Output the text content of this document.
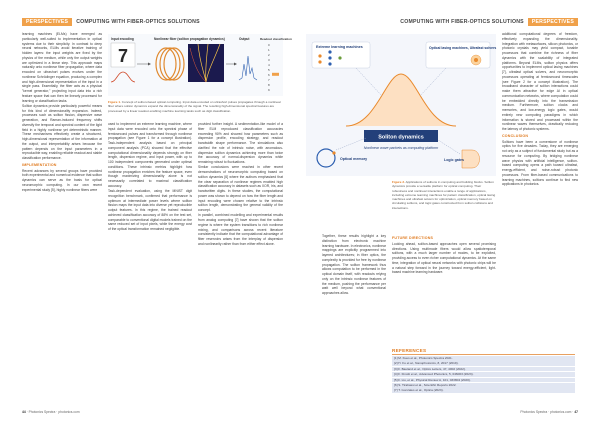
PERSPECTIVES	COMPUTING WITH FIBER-OPTICS SOLUTIONS

learning machines (ELMs) have emerged as particularly well-suited to implementation in optical systems due to their simplicity. In contrast to deep neural networks, ELMs avoid iterative training of hidden layers: the input weights are fixed by the physics of the medium, while only the output weights are optimized in a linear step. This approach maps naturally onto nonlinear fiber propagation, where data encoded on ultrashort pulses evolves under the nonlinear Schrödinger equation, producing a complex and high-dimensional representation of the input in a single pass. Essentially, the fiber acts as a physical "kernel generator," projecting input data into a rich feature space that can then be linearly processed for learning or classification tasks.

Soliton dynamics provide particularly powerful means for this kind of dimensionality expansion. Indeed, processes such as soliton fission, dispersive wave generation, and Raman-induced frequency shifts diversify the temporal and spectral content of the light field in a highly nonlinear yet deterministic manner. These mechanisms effectively create a structured, high-dimensional representation of the information at the output, and interpretability arises because the pattern depends on the input parameters in a reproducible way, enabling reliable readout and stable classification performance.

IMPLEMENTATION

Recent advances by several groups have provided both experimental and numerical evidence that soliton dynamics can serve as the basis for optical neuromorphic computing. In our own recent experimental study [5], highly nonlinear fibers were

Input encoding
7
Nonlinear fiber (soliton propagation dynamics)	Output	Readout classification
0
1
2
3
4
5
6
7
8
9
Figure 1. Concept of soliton-based optical computing. Input data encoded on ultrashort pulses propagates through a nonlinear fiber where soliton dynamics expand the dimensionality of the signal. The resulting high-dimensional spectral features are processed by a linear readout enabling machine learning tasks such as digit classification.

used to implement an extreme learning machine, where input data were encoded onto the spectral phase of femtosecond pulses and transformed through nonlinear propagation (see Figure 1 for a concept illustration). Task-independent analysis based on principal component analysis (PCA) showed that the effective computational dimensionality depends strongly on fiber length, dispersion regime, and input power, with up to 100 independent components generated under optimal conditions. These intrinsic metrics highlight how nonlinear propagation enriches the feature space, even though maximizing dimensionality alone is not necessarily correlated to maximal classification accuracy.

Task-dependent evaluation, using the MNIST digit recognition benchmark, confirmed that performance is optimum at intermediate power levels where soliton fission maps the input data into diverse yet reproducible output features. In this regime, the trained readout achieved classification accuracy of 88% on the test set, comparable to conventional digital models trained on the same reduced set of input pixels, while the energy cost of the optical transformation remained negligible.

provided further insight. A sedimentation-like model of a fiber ELM reproduced classification accuracies exceeding 90% and showed how parameters such as dispersion profile, encoding strategy, and readout bandwidth shape performance. The simulations also clarified the role of intrinsic noise, with anomalous-dispersion soliton dynamics achieving more than twice the accuracy of normal-dispersion dynamics while remaining robust to fluctuations.

Similar conclusions were reached in other recent demonstrations of neuromorphic computing based on soliton dynamics [6] where the authors emphasized that the clear separation of nonlinear regimes enabled high classification accuracy in datasets such as XOR, Iris, and handwritten digits. In these studies, the computational power was shown to depend on how the fiber length and input encoding were chosen relative to the intrinsic soliton length, demonstrating the general validity of the concept.

In parallel, combined modelling and experimental results from analog computing [7] have shown that the soliton regime is where the system transitions to rich nonlinear mixing, and comparisons across recent literature consistently indicate that the computational advantage of fiber reservoirs arises from the interplay of dispersion and nonlinearity rather than from either effect alone.

44 · Photonics Spectra · photonics.com
COMPUTING WITH FIBER-OPTICS SOLUTIONS	PERSPECTIVES
Soliton dynamics
Nonlinear wave packets as computing platform
Extreme learning machines	Optical lasing machines, Ultrafast solvers
Optical memory	Logic gates

additional computational degrees of freedom, effectively expanding the dimensionality. Integration with metasurfaces, silicon photonics, or photonic crystals may yield compact, tunable processors that combine the richness of fiber dynamics with the scalability of integrated platforms. Beyond ELMs, soliton physics offers opportunities to implement optical lasing machines [7], ultrafast optical solvers, and neuromorphic processors operating at femtosecond timescales (see Figure 2 for a concept illustration). The broadband character of soliton interactions could make them attractive for edge AI in optical communication networks, where computation could be embedded directly into the transmission medium. Furthermore, soliton clocks and memories, and low-energy logic gates, would entirely new computing paradigms in which information is stored and processed within the nonlinear waves themselves, drastically reducing the latency of photonic systems.

CONCLUSION

Solitons have been a cornerstone of nonlinear optics for five decades. Today, they are emerging not only as a subject of fundamental study but as a resource for computing. By bridging nonlinear wave physics with artificial intelligence, soliton-based computing opens a path toward ultrafast, energy-efficient, and noise-robust photonic processors. From fiber-based communications to learning machines, solitons continue to find new applications in photonics.

Figure 2. Applications of solitons in computing and building blocks. Soliton dynamics provide a versatile platform for optical computing. Their robustness and nonlinear interactions enable a range of applications, including extreme learning machines for pattern classification, optical lasing machines and ultrafast solvers for optimization, optical memory based on circulating solitons, and logic gates constructed from soliton collisions and interactions.

Together, these results highlight a key distinction from electronic machine learning hardware. In electronics, nonlinear mappings are explicitly programmed into layered architectures; in fiber optics, the complexity is provided for free by nonlinear propagation. The soliton framework thus allows computation to be performed in the optical domain itself, with readouts relying only on the intrinsic nonlinear features of the medium, pushing the performance per watt well beyond what conventional approaches allow.

FUTURE DIRECTIONS

Looking ahead, soliton-based approaches open several promising directions. Using multimode fibers would allow spatiotemporal solitons, with a much larger number of modes, to be exploited, providing access to even richer computational dynamics. At the same time, integration of optical neural networks with photonic chips will be a natural step forward in the journey toward energy-efficient, light-based machine learning hardware.

REFERENCES
[1] M. Kues et al., Photonics Spectra 2021.
[2] H. Fu et al., Nanophotonics, 8, 2017 (2019).
[3] F. Bauland et al., Optics Letters, 47, 4002 (2022).
[4] F. Finotti et al., Advanced Photonics, 5, 046003 (2023).
[5] F. Liu, et al., Physical Review A, 101, 033804 (2020).
[6] S. Tirabassi et al., Scientific Reports 2022.
[7] T. Gonzales et al., Optica (2023).
Photonics Spectra · photonics.com · 47
